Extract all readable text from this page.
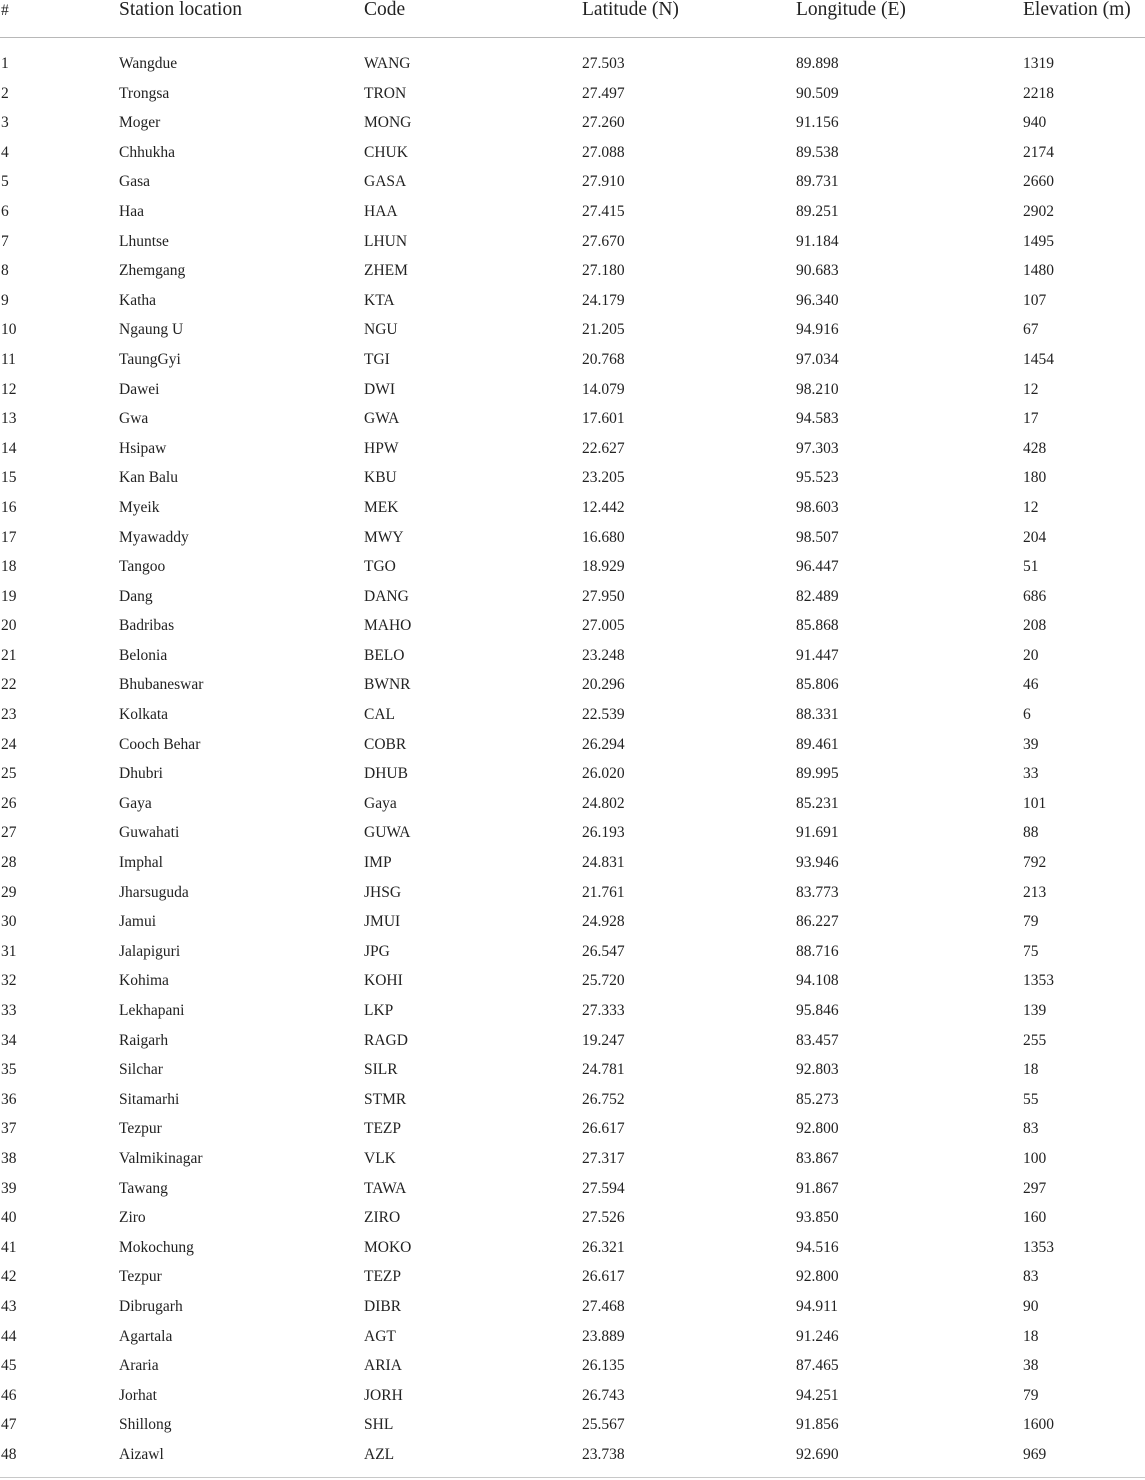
#	Station location	Code	Latitude (N)	Longitude (E)	Elevation (m)
1	Wangdue	WANG	27.503	89.898	1319
2	Trongsa	TRON	27.497	90.509	2218
3	Moger	MONG	27.260	91.156	940
4	Chhukha	CHUK	27.088	89.538	2174
5	Gasa	GASA	27.910	89.731	2660
6	Haa	HAA	27.415	89.251	2902
7	Lhuntse	LHUN	27.670	91.184	1495
8	Zhemgang	ZHEM	27.180	90.683	1480
9	Katha	KTA	24.179	96.340	107
10	Ngaung U	NGU	21.205	94.916	67
11	TaungGyi	TGI	20.768	97.034	1454
12	Dawei	DWI	14.079	98.210	12
13	Gwa	GWA	17.601	94.583	17
14	Hsipaw	HPW	22.627	97.303	428
15	Kan Balu	KBU	23.205	95.523	180
16	Myeik	MEK	12.442	98.603	12
17	Myawaddy	MWY	16.680	98.507	204
18	Tangoo	TGO	18.929	96.447	51
19	Dang	DANG	27.950	82.489	686
20	Badribas	MAHO	27.005	85.868	208
21	Belonia	BELO	23.248	91.447	20
22	Bhubaneswar	BWNR	20.296	85.806	46
23	Kolkata	CAL	22.539	88.331	6
24	Cooch Behar	COBR	26.294	89.461	39
25	Dhubri	DHUB	26.020	89.995	33
26	Gaya	Gaya	24.802	85.231	101
27	Guwahati	GUWA	26.193	91.691	88
28	Imphal	IMP	24.831	93.946	792
29	Jharsuguda	JHSG	21.761	83.773	213
30	Jamui	JMUI	24.928	86.227	79
31	Jalapiguri	JPG	26.547	88.716	75
32	Kohima	KOHI	25.720	94.108	1353
33	Lekhapani	LKP	27.333	95.846	139
34	Raigarh	RAGD	19.247	83.457	255
35	Silchar	SILR	24.781	92.803	18
36	Sitamarhi	STMR	26.752	85.273	55
37	Tezpur	TEZP	26.617	92.800	83
38	Valmikinagar	VLK	27.317	83.867	100
39	Tawang	TAWA	27.594	91.867	297
40	Ziro	ZIRO	27.526	93.850	160
41	Mokochung	MOKO	26.321	94.516	1353
42	Tezpur	TEZP	26.617	92.800	83
43	Dibrugarh	DIBR	27.468	94.911	90
44	Agartala	AGT	23.889	91.246	18
45	Araria	ARIA	26.135	87.465	38
46	Jorhat	JORH	26.743	94.251	79
47	Shillong	SHL	25.567	91.856	1600
48	Aizawl	AZL	23.738	92.690	969
